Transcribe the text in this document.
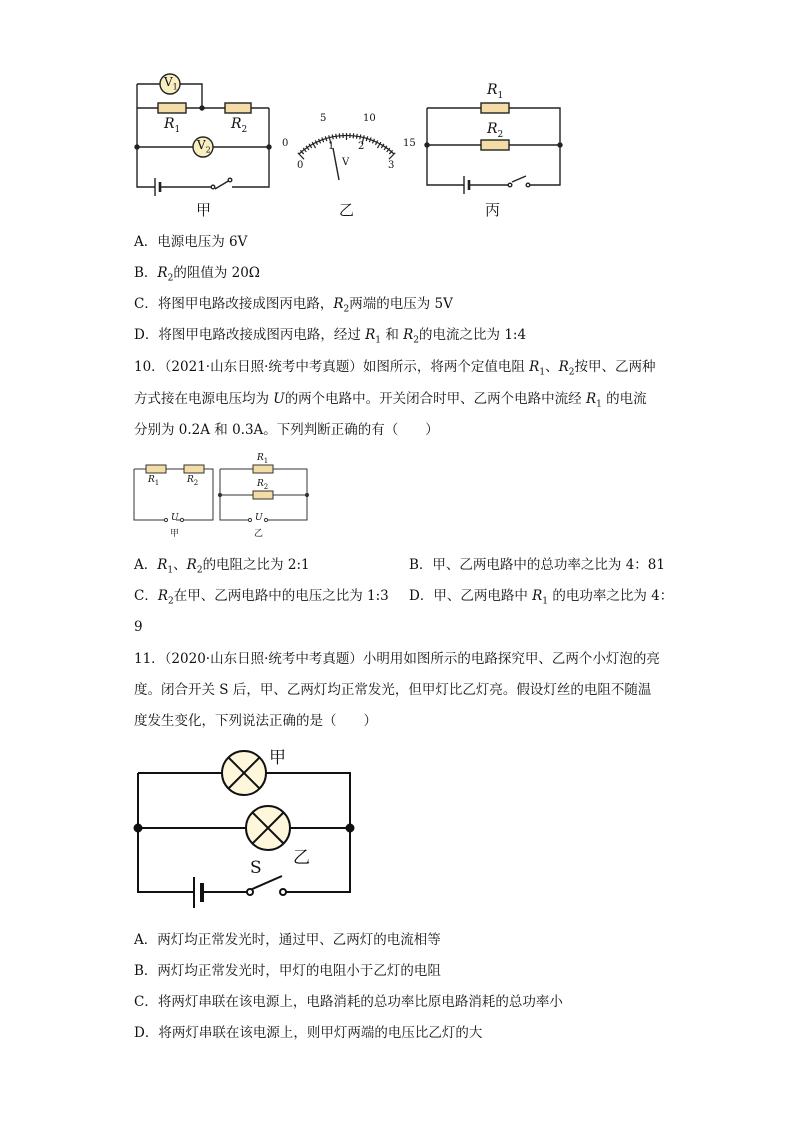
$V_1$
$V_2$
$R_1$	$R_2$
$R_1$
$R_2$
0
5	10
15
0
1 2
3
V
甲	乙	丙
A．电源电压为 6V
B．$R_2$的阻值为 20Ω
C．将图甲电路改接成图丙电路，$R_2$两端的电压为 5V
D．将图甲电路改接成图丙电路，经过 $R_1$ 和 $R_2$的电流之比为 1:4
10．（2021·山东日照·统考中考真题）如图所示，将两个定值电阻 $R_1$、$R_2$按甲、乙两种
方式接在电源电压均为 U的两个电路中。开关闭合时甲、乙两个电路中流经 $R_1$ 的电流
分别为 0.2A 和 0.3A。下列判断正确的有（　　）
$R_1$	$R_2$
U
甲
$R_1$
$R_2$
U
乙
A．$R_1$、$R_2$的电阻之比为 2:1	B．甲、乙两电路中的总功率之比为 4：81
C．$R_2$在甲、乙两电路中的电压之比为 1:3 D．甲、乙两电路中 $R_1$ 的电功率之比为 4：
9
11．（2020·山东日照·统考中考真题）小明用如图所示的电路探究甲、乙两个小灯泡的亮
度。闭合开关 S 后，甲、乙两灯均正常发光，但甲灯比乙灯亮。假设灯丝的电阻不随温
度发生变化，下列说法正确的是（　　）
甲
乙
S
A．两灯均正常发光时，通过甲、乙两灯的电流相等
B．两灯均正常发光时，甲灯的电阻小于乙灯的电阻
C．将两灯串联在该电源上，电路消耗的总功率比原电路消耗的总功率小
D．将两灯串联在该电源上，则甲灯两端的电压比乙灯的大
